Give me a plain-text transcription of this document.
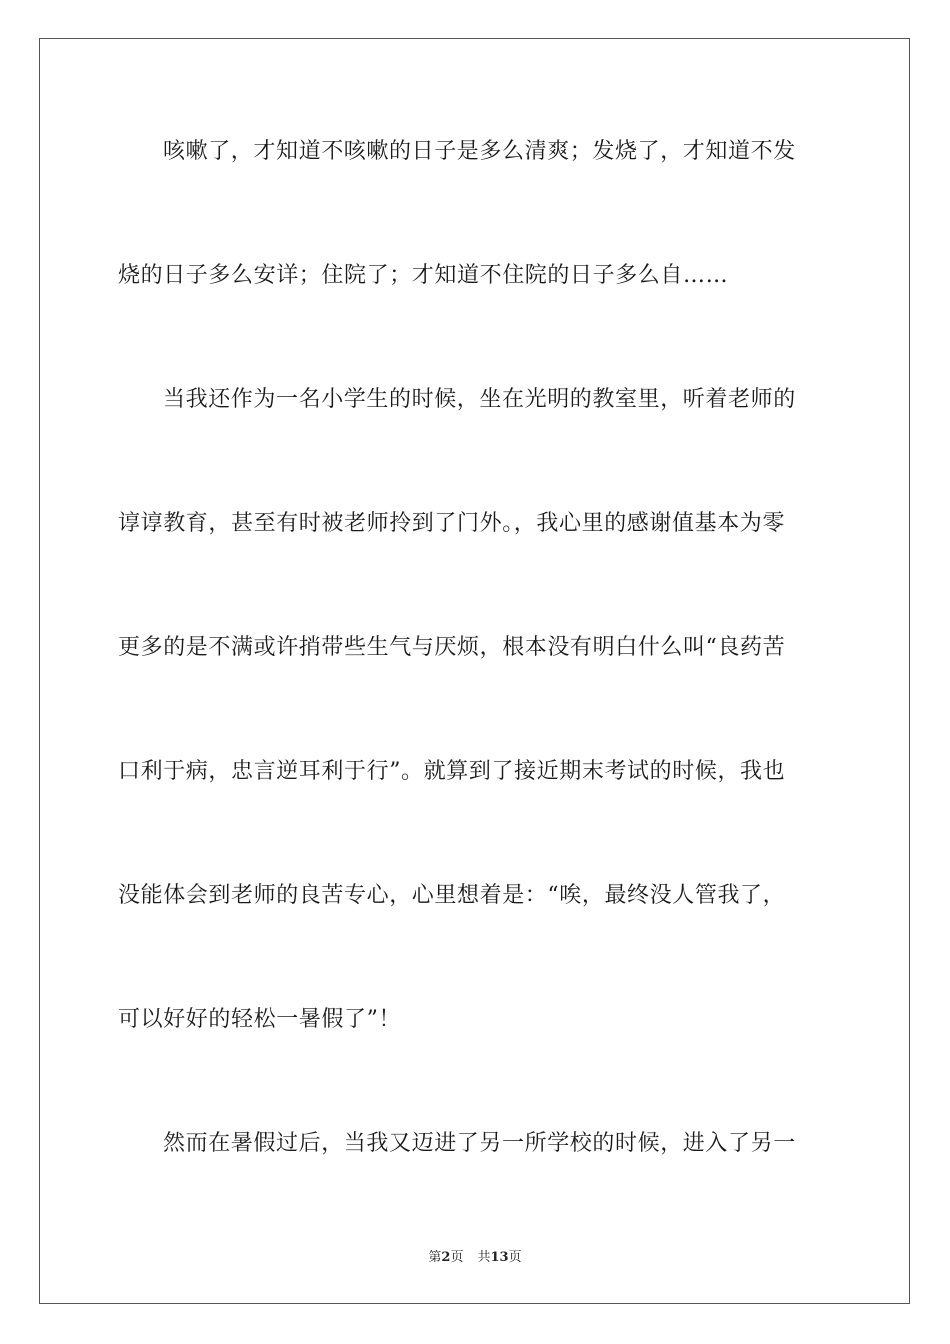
咳嗽了，才知道不咳嗽的日子是多么清爽；发烧了，才知道不发
烧的日子多么安详；住院了；才知道不住院的日子多么自……
当我还作为一名小学生的时候，坐在光明的教室里，听着老师的
谆谆教育，甚至有时被老师拎到了门外。，我心里的感谢值基本为零
更多的是不满或许捎带些生气与厌烦，根本没有明白什么叫“良药苦
口利于病，忠言逆耳利于行”。就算到了接近期末考试的时候，我也
没能体会到老师的良苦专心，心里想着是：“唉，最终没人管我了，
可以好好的轻松一暑假了”！
然而在暑假过后，当我又迈进了另一所学校的时候，进入了另一
第2页 共13页
